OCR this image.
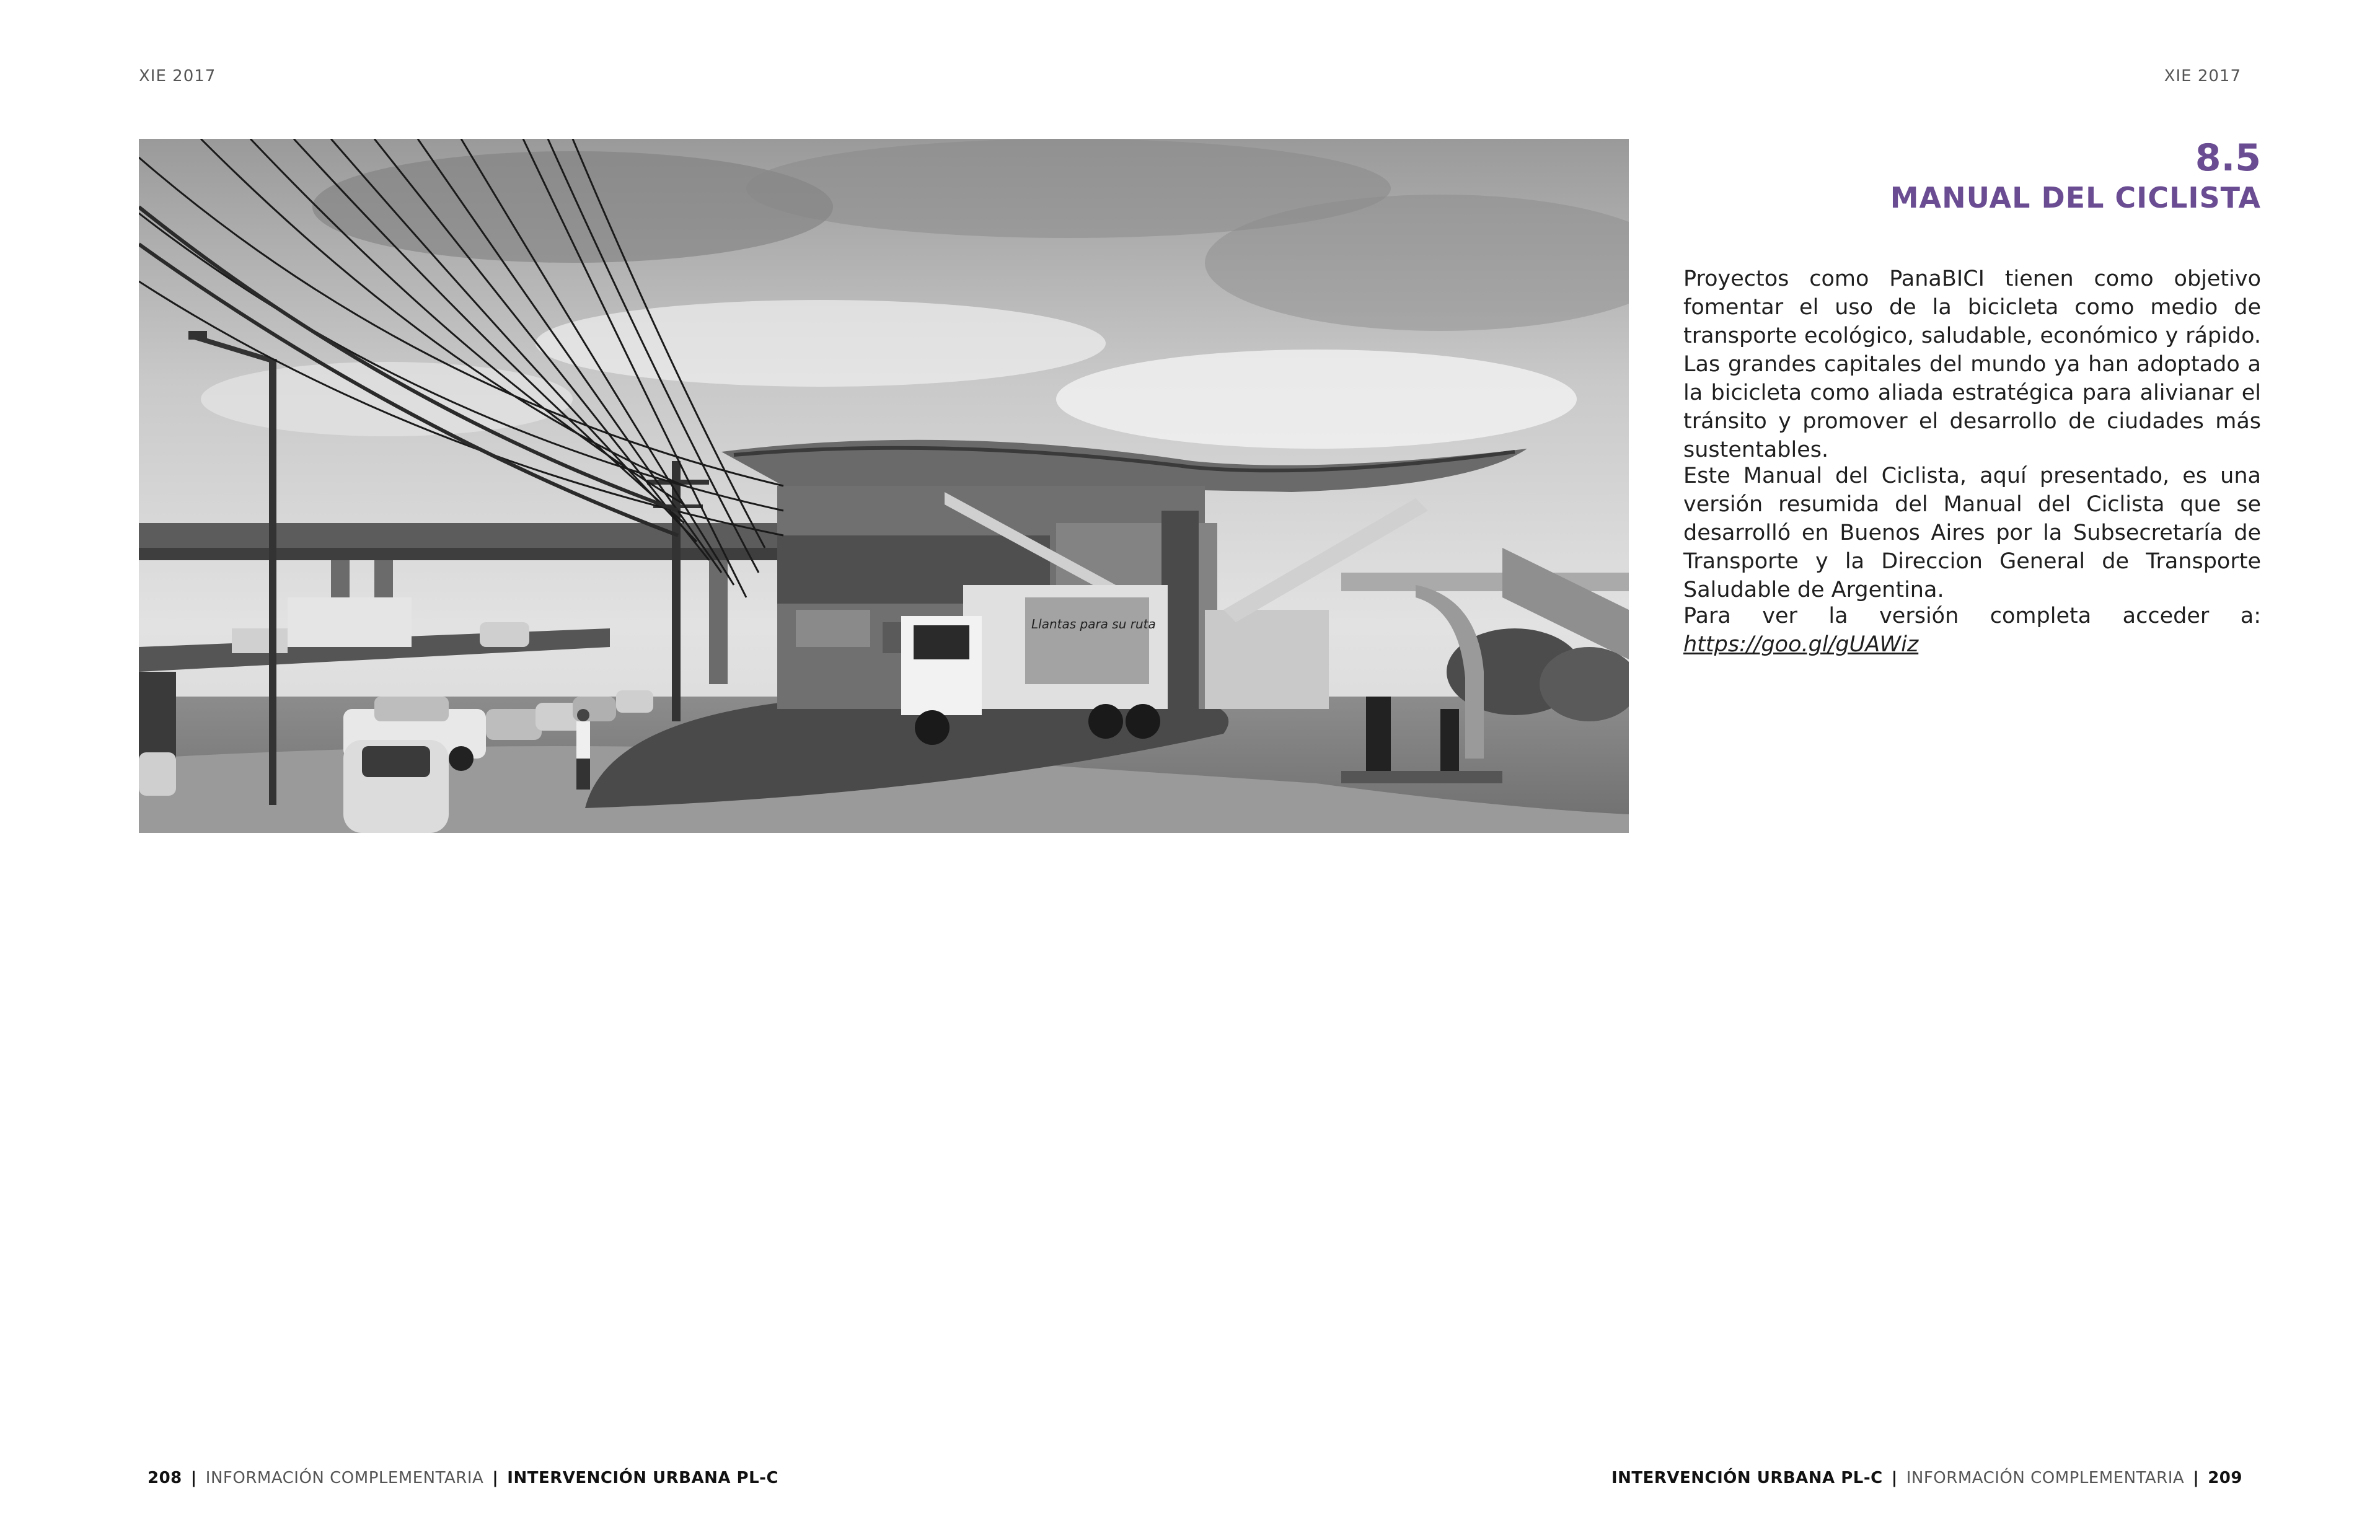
XIE 2017	XIE 2017
Llantas para su ruta
8.5
MANUAL DEL CICLISTA

Proyectos como PanaBICI tienen como objetivo fomentar el uso de la bicicleta como medio de transporte ecológico, saludable, económico y rápido. Las grandes capitales del mundo ya han adoptado a la bicicleta como aliada estratégica para alivianar el tránsito y promover el desarrollo de ciudades más sustentables.

Este Manual del Ciclista, aquí presentado, es una versión resumida del Manual del Ciclista que se desarrolló en Buenos Aires por la Subsecretaría de Transporte y la Direccion General de Transporte Saludable de Argentina.

Para ver la versión completa acceder a: https://goo.gl/gUAWiz

208 | INFORMACIÓN COMPLEMENTARIA | INTERVENCIÓN URBANA PL-C	INTERVENCIÓN URBANA PL-C | INFORMACIÓN COMPLEMENTARIA | 209
